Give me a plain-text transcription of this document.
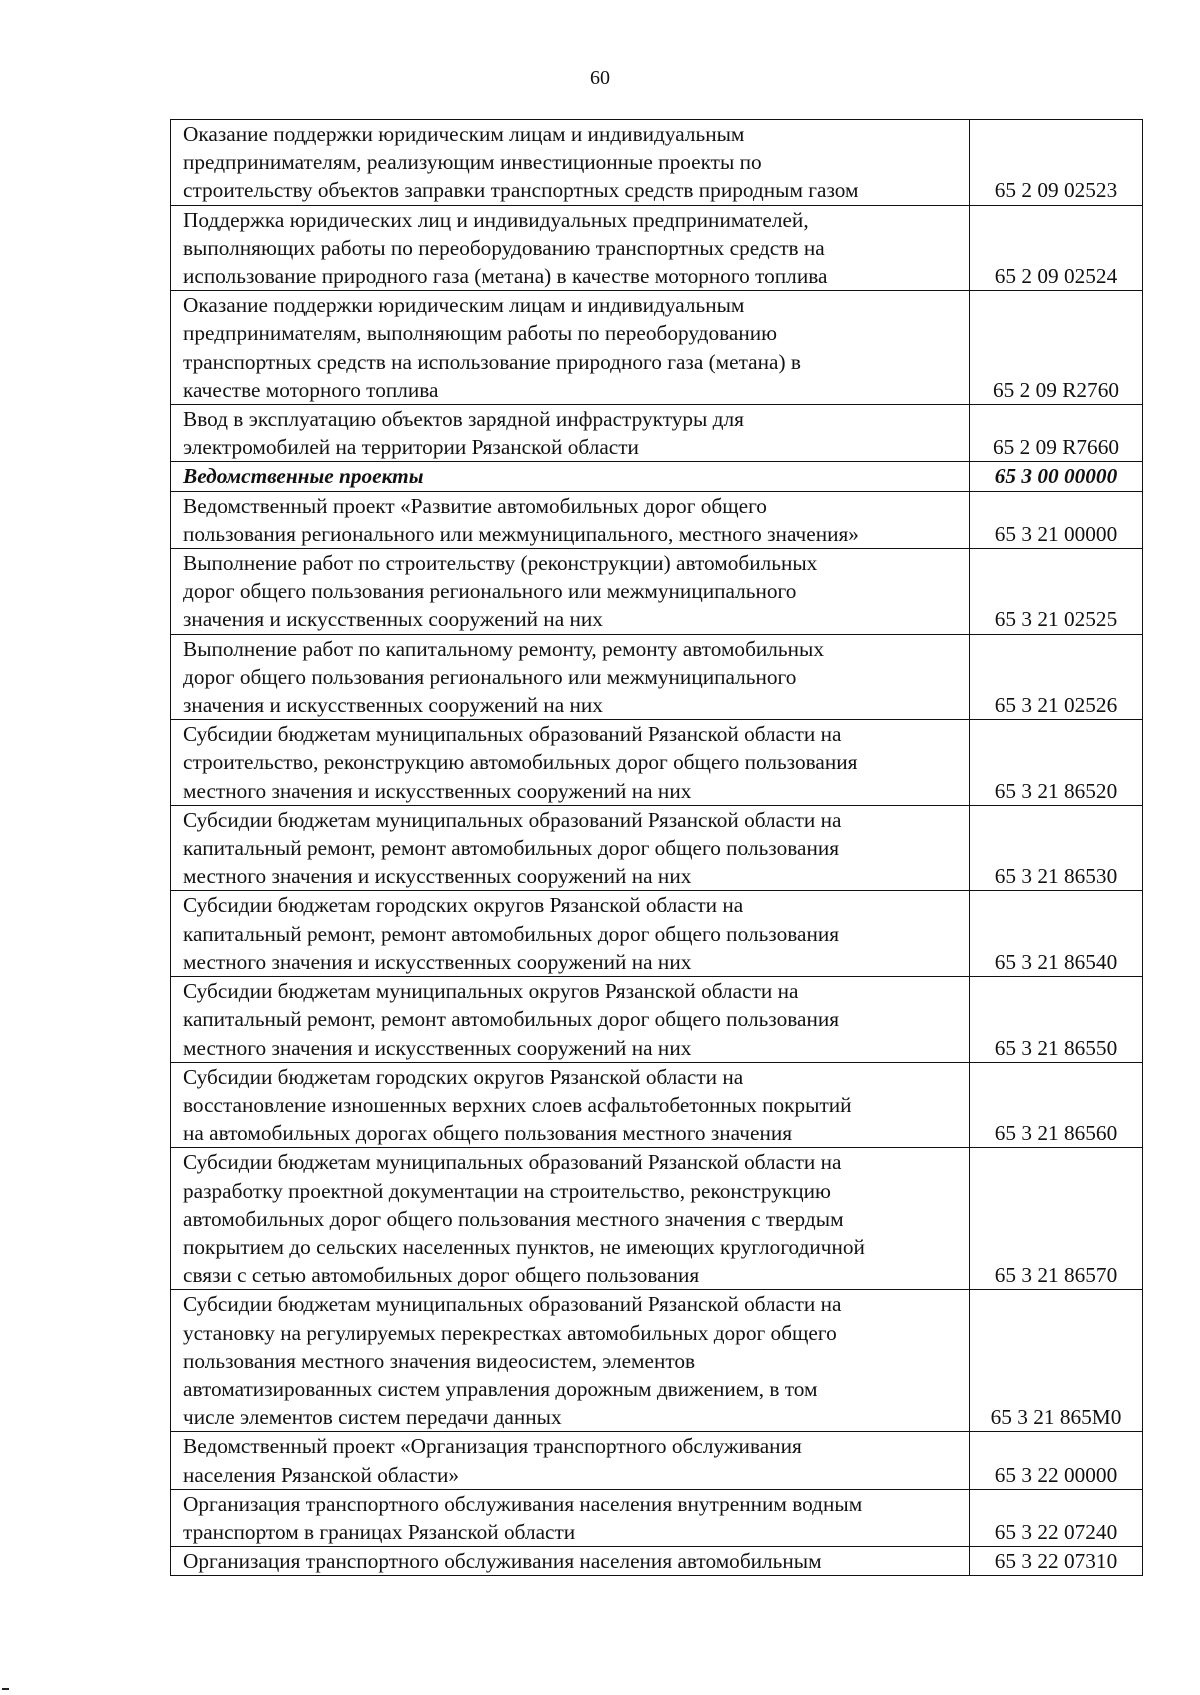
60
Оказание поддержки юридическим лицам и индивидуальным
предпринимателям, реализующим инвестиционные проекты по
строительству объектов заправки транспортных средств природным газом	65 2 09 02523
Поддержка юридических лиц и индивидуальных предпринимателей,
выполняющих работы по переоборудованию транспортных средств на
использование природного газа (метана) в качестве моторного топлива	65 2 09 02524
Оказание поддержки юридическим лицам и индивидуальным
предпринимателям, выполняющим работы по переоборудованию
транспортных средств на использование природного газа (метана) в
качестве моторного топлива	65 2 09 R2760
Ввод в эксплуатацию объектов зарядной инфраструктуры для
электромобилей на территории Рязанской области	65 2 09 R7660
Ведомственные проекты	65 3 00 00000
Ведомственный проект «Развитие автомобильных дорог общего
пользования регионального или межмуниципального, местного значения»	65 3 21 00000
Выполнение работ по строительству (реконструкции) автомобильных
дорог общего пользования регионального или межмуниципального
значения и искусственных сооружений на них	65 3 21 02525
Выполнение работ по капитальному ремонту, ремонту автомобильных
дорог общего пользования регионального или межмуниципального
значения и искусственных сооружений на них	65 3 21 02526
Субсидии бюджетам муниципальных образований Рязанской области на
строительство, реконструкцию автомобильных дорог общего пользования
местного значения и искусственных сооружений на них	65 3 21 86520
Субсидии бюджетам муниципальных образований Рязанской области на
капитальный ремонт, ремонт автомобильных дорог общего пользования
местного значения и искусственных сооружений на них	65 3 21 86530
Субсидии бюджетам городских округов Рязанской области на
капитальный ремонт, ремонт автомобильных дорог общего пользования
местного значения и искусственных сооружений на них	65 3 21 86540
Субсидии бюджетам муниципальных округов Рязанской области на
капитальный ремонт, ремонт автомобильных дорог общего пользования
местного значения и искусственных сооружений на них	65 3 21 86550
Субсидии бюджетам городских округов Рязанской области на
восстановление изношенных верхних слоев асфальтобетонных покрытий
на автомобильных дорогах общего пользования местного значения	65 3 21 86560
Субсидии бюджетам муниципальных образований Рязанской области на
разработку проектной документации на строительство, реконструкцию
автомобильных дорог общего пользования местного значения с твердым
покрытием до сельских населенных пунктов, не имеющих круглогодичной
связи с сетью автомобильных дорог общего пользования	65 3 21 86570
Субсидии бюджетам муниципальных образований Рязанской области на
установку на регулируемых перекрестках автомобильных дорог общего
пользования местного значения видеосистем, элементов
автоматизированных систем управления дорожным движением, в том
числе элементов систем передачи данных	65 3 21 865M0
Ведомственный проект «Организация транспортного обслуживания
населения Рязанской области»	65 3 22 00000
Организация транспортного обслуживания населения внутренним водным
транспортом в границах Рязанской области	65 3 22 07240
Организация транспортного обслуживания населения автомобильным	65 3 22 07310
